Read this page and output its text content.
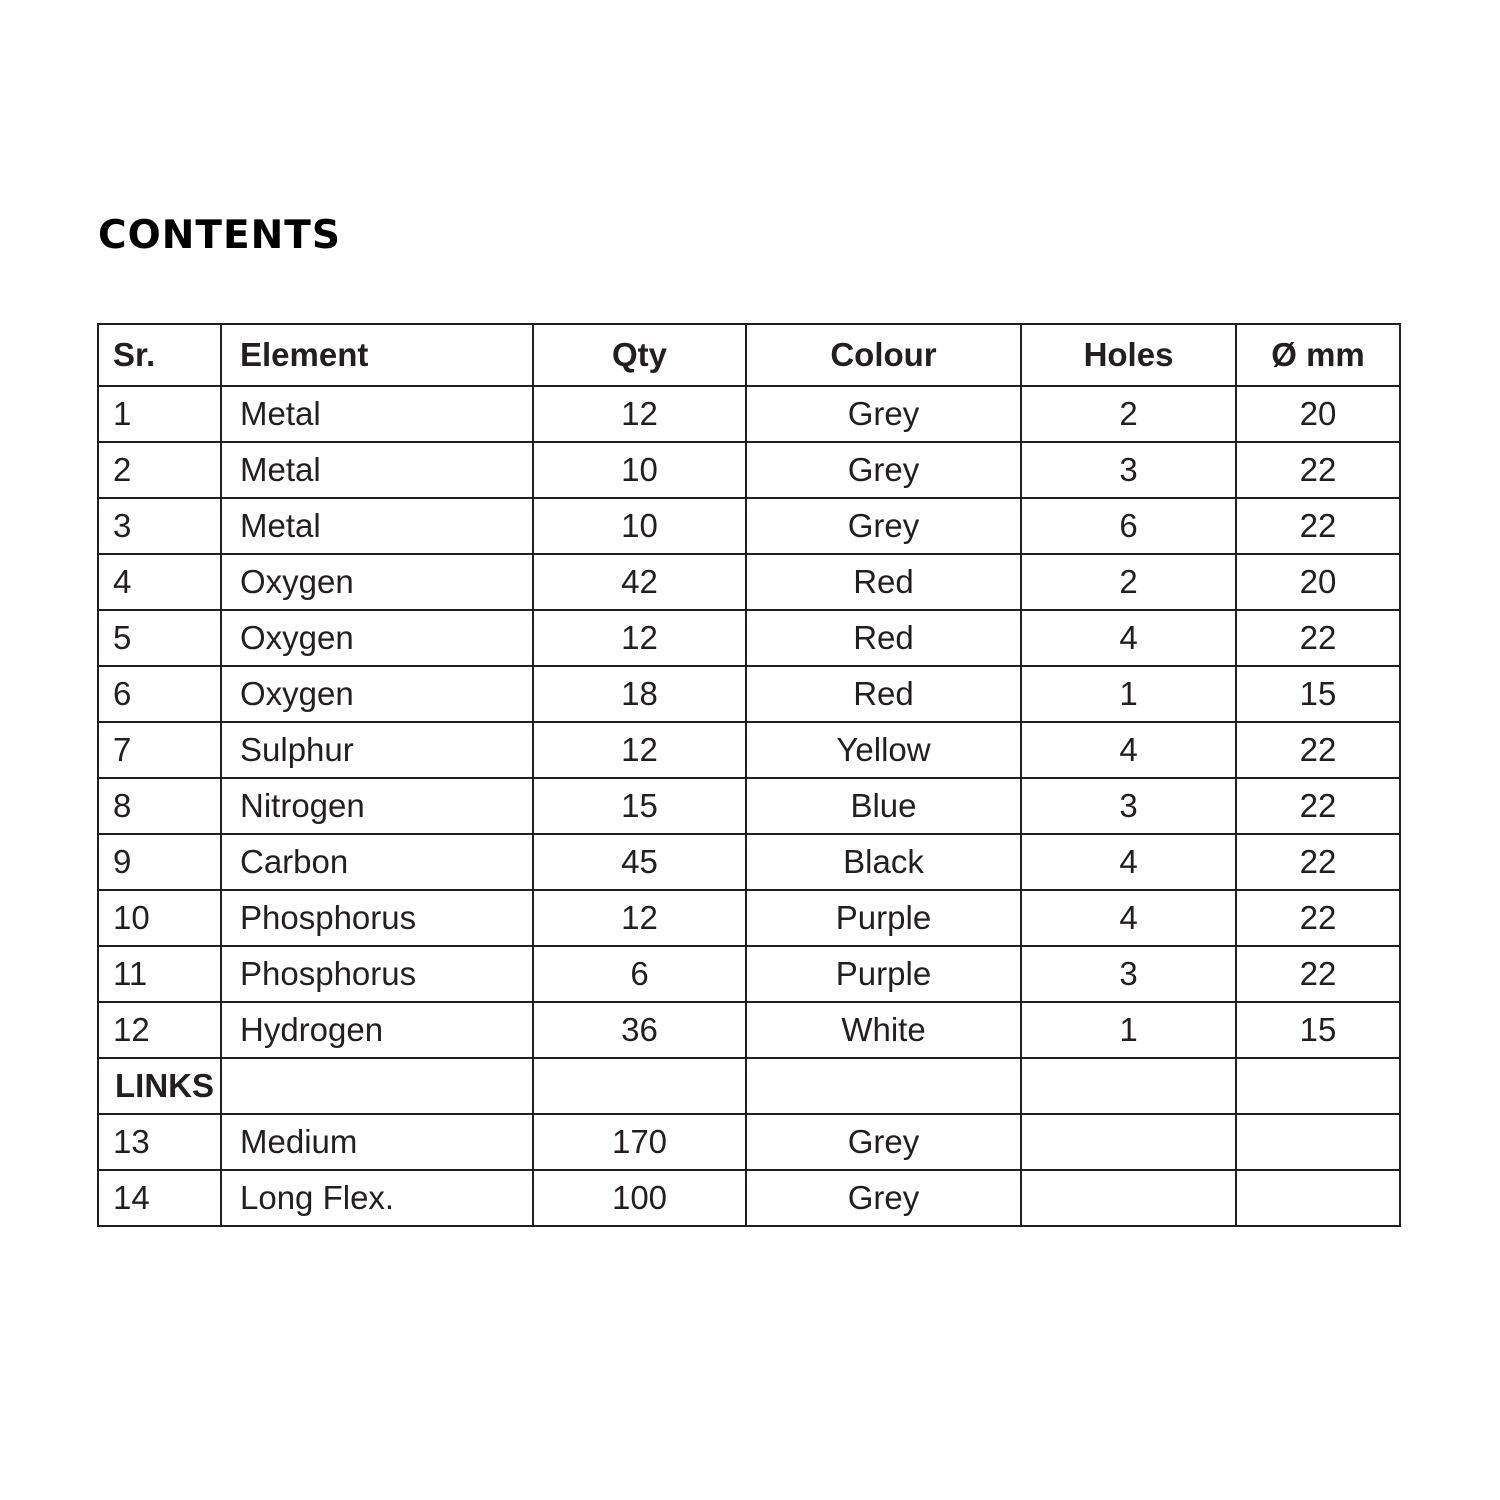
CONTENTS
Sr.	Element	Qty	Colour	Holes	Ø mm
1	Metal	12	Grey	2	20
2	Metal	10	Grey	3	22
3	Metal	10	Grey	6	22
4	Oxygen	42	Red	2	20
5	Oxygen	12	Red	4	22
6	Oxygen	18	Red	1	15
7	Sulphur	12	Yellow	4	22
8	Nitrogen	15	Blue	3	22
9	Carbon	45	Black	4	22
10	Phosphorus	12	Purple	4	22
11	Phosphorus	6	Purple	3	22
12	Hydrogen	36	White	1	15
LINKS					
13	Medium	170	Grey		
14	Long Flex.	100	Grey		
